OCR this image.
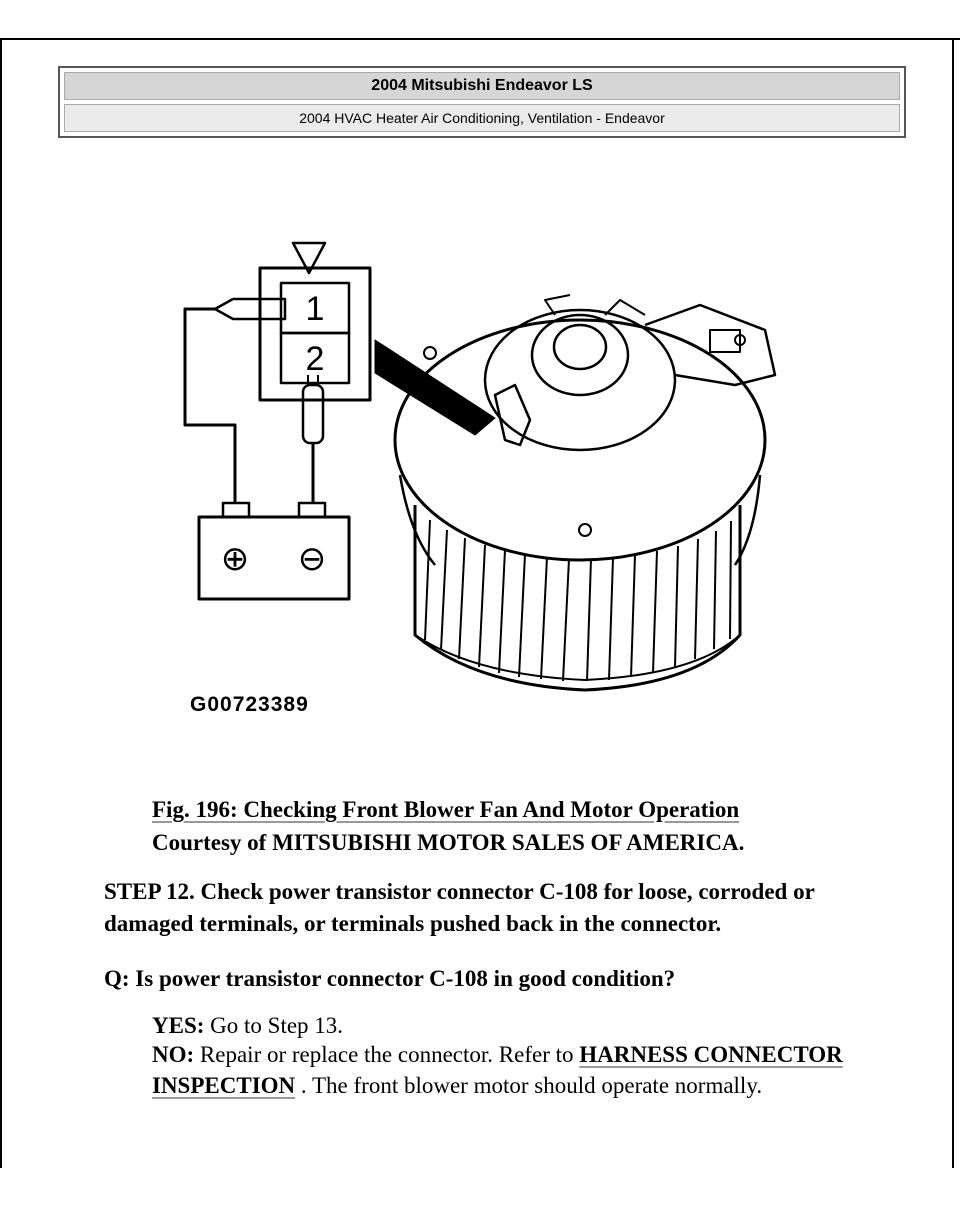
2004 Mitsubishi Endeavor LS
2004 HVAC Heater Air Conditioning, Ventilation - Endeavor
1
2
⊕ ⊖
G00723389
Fig. 196: Checking Front Blower Fan And Motor Operation
Courtesy of MITSUBISHI MOTOR SALES OF AMERICA.
STEP 12. Check power transistor connector C-108 for loose, corroded or damaged terminals, or terminals pushed back in the connector.
Q: Is power transistor connector C-108 in good condition?
YES: Go to Step 13.
NO: Repair or replace the connector. Refer to HARNESS CONNECTOR INSPECTION . The front blower motor should operate normally.
